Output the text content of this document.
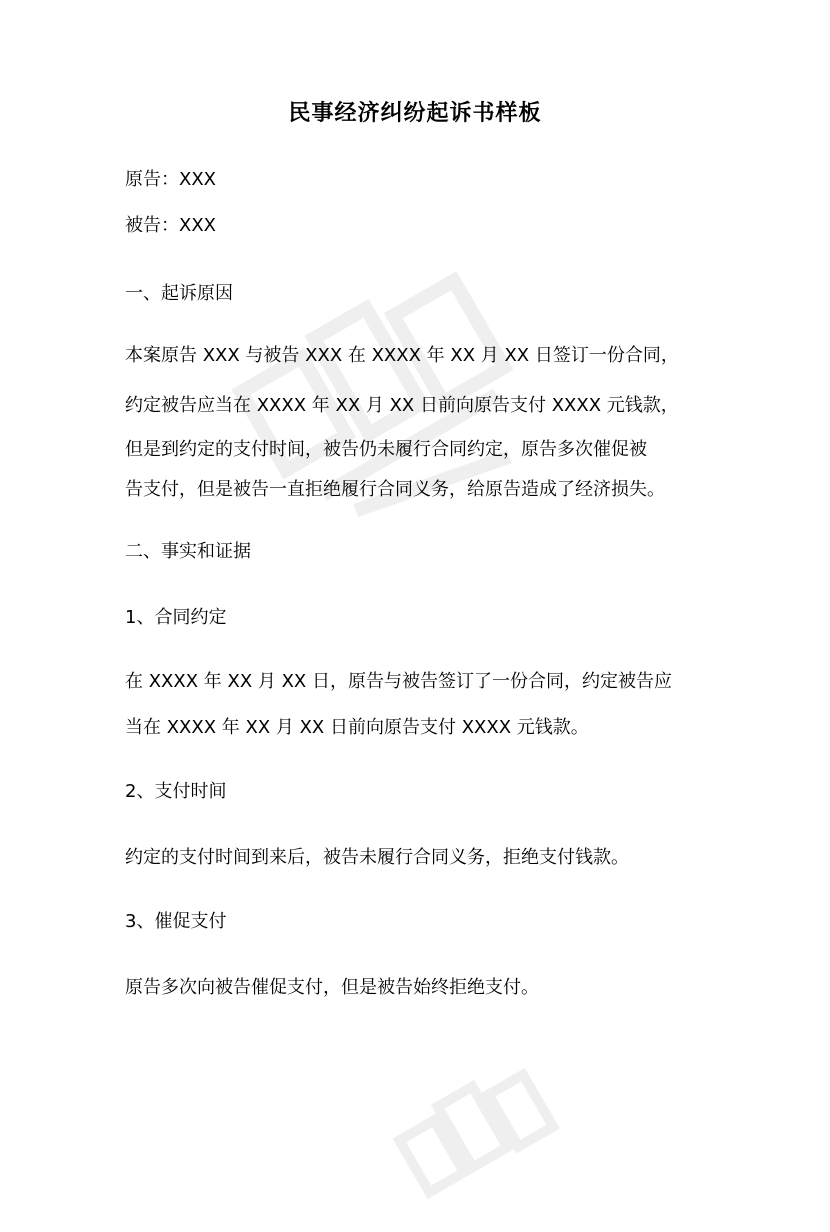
民事经济纠纷起诉书样板
原告：XXX
被告：XXX
一、起诉原因
本案原告 XXX 与被告 XXX 在 XXXX 年 XX 月 XX 日签订一份合同，
约定被告应当在 XXXX 年 XX 月 XX 日前向原告支付 XXXX 元钱款，
但是到约定的支付时间，被告仍未履行合同约定，原告多次催促被
告支付，但是被告一直拒绝履行合同义务，给原告造成了经济损失。
二、事实和证据
1、合同约定
在 XXXX 年 XX 月 XX 日，原告与被告签订了一份合同，约定被告应
当在 XXXX 年 XX 月 XX 日前向原告支付 XXXX 元钱款。
2、支付时间
约定的支付时间到来后，被告未履行合同义务，拒绝支付钱款。
3、催促支付
原告多次向被告催促支付，但是被告始终拒绝支付。
